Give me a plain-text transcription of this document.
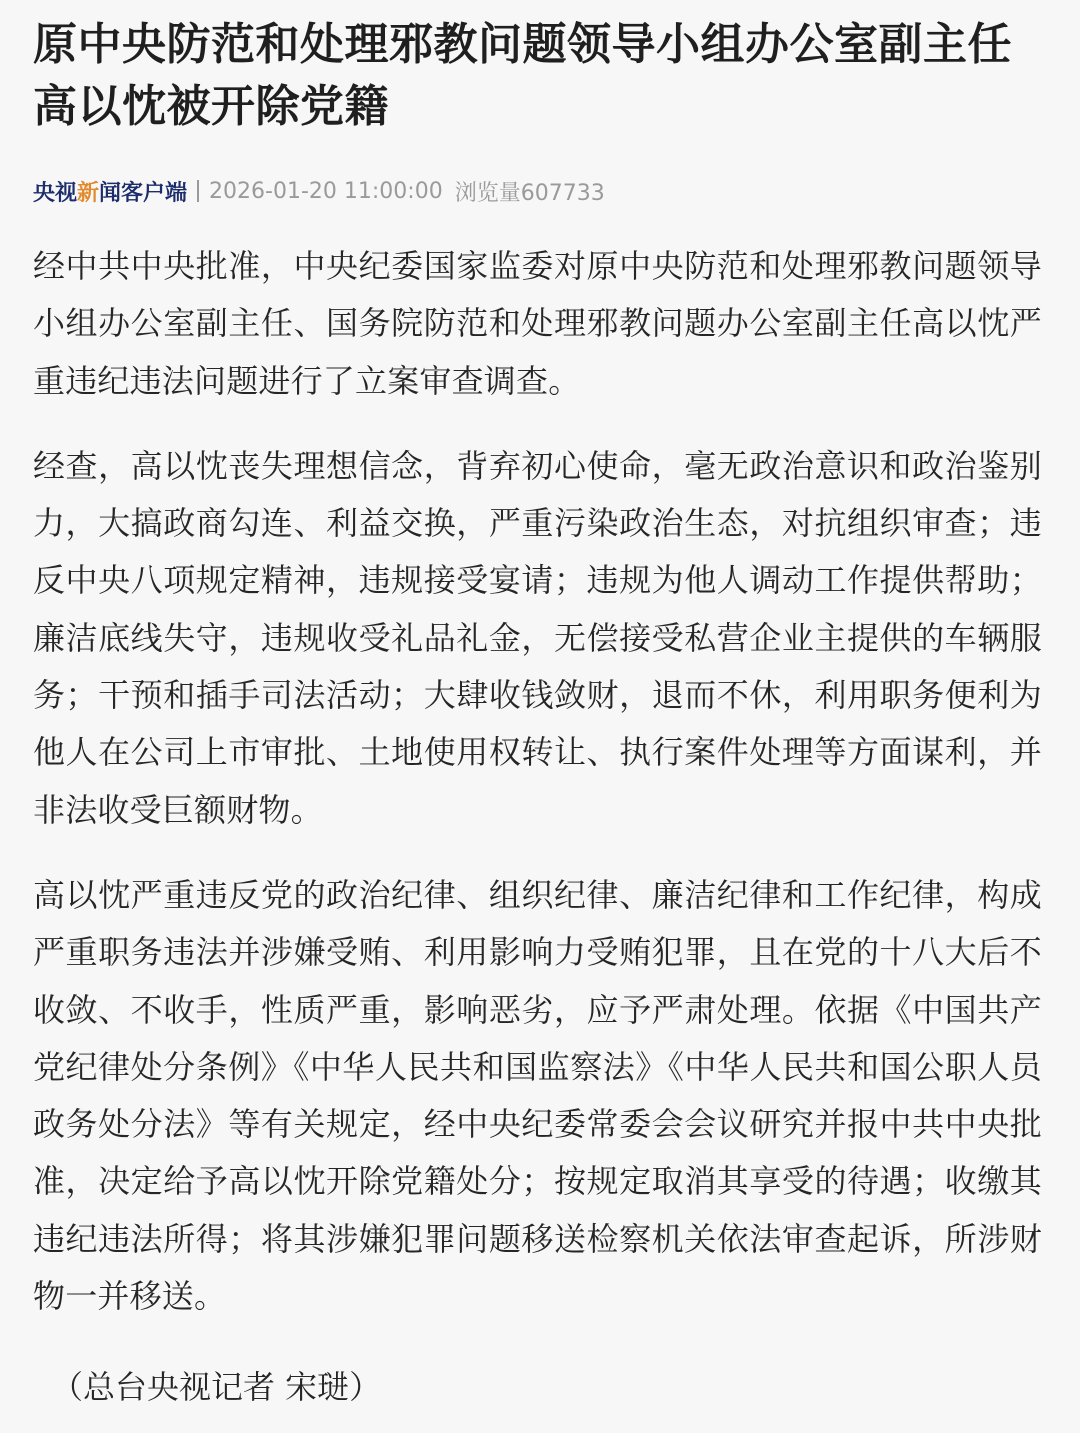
原中央防范和处理邪教问题领导小组办公室副主任高以忱被开除党籍
央视新闻客户端 2026-01-20 11:00:00 浏览量607733

经中共中央批准，中央纪委国家监委对原中央防范和处理邪教问题领导小组办公室副主任、国务院防范和处理邪教问题办公室副主任高以忱严重违纪违法问题进行了立案审查调查。

经查，高以忱丧失理想信念，背弃初心使命，毫无政治意识和政治鉴别力，大搞政商勾连、利益交换，严重污染政治生态，对抗组织审查；违反中央八项规定精神，违规接受宴请；违规为他人调动工作提供帮助；廉洁底线失守，违规收受礼品礼金，无偿接受私营企业主提供的车辆服务；干预和插手司法活动；大肆收钱敛财，退而不休，利用职务便利为他人在公司上市审批、土地使用权转让、执行案件处理等方面谋利，并非法收受巨额财物。

高以忱严重违反党的政治纪律、组织纪律、廉洁纪律和工作纪律，构成严重职务违法并涉嫌受贿、利用影响力受贿犯罪，且在党的十八大后不收敛、不收手，性质严重，影响恶劣，应予严肃处理。依据《中国共产党纪律处分条例》《中华人民共和国监察法》《中华人民共和国公职人员政务处分法》等有关规定，经中央纪委常委会会议研究并报中共中央批准，决定给予高以忱开除党籍处分；按规定取消其享受的待遇；收缴其违纪违法所得；将其涉嫌犯罪问题移送检察机关依法审查起诉，所涉财物一并移送。

（总台央视记者 宋琎）
